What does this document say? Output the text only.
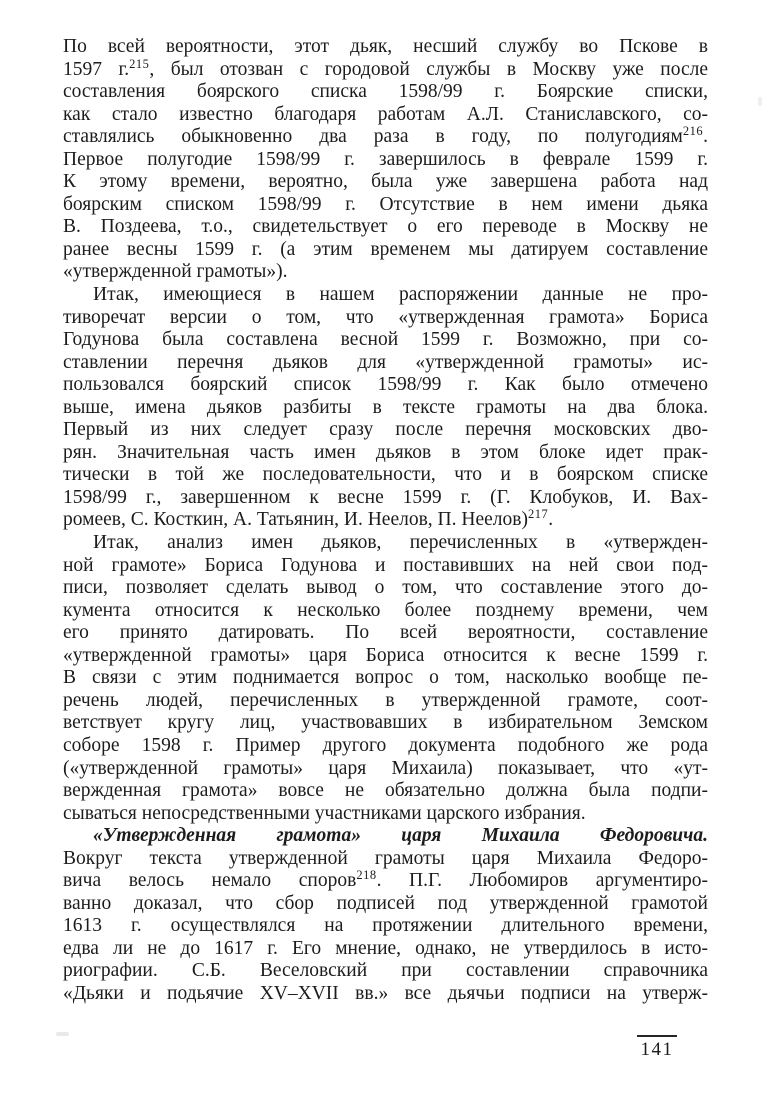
По всей вероятности, этот дьяк, несший службу во Пскове в
1597 г.215, был отозван с городовой службы в Москву уже после
составления боярского списка 1598/99 г. Боярские списки,
как стало известно благодаря работам А.Л. Станиславского, со-
ставлялись обыкновенно два раза в году, по полугодиям216.
Первое полугодие 1598/99 г. завершилось в феврале 1599 г.
К этому времени, вероятно, была уже завершена работа над
боярским списком 1598/99 г. Отсутствие в нем имени дьяка
В. Поздеева, т.о., свидетельствует о его переводе в Москву не
ранее весны 1599 г. (а этим временем мы датируем составление
«утвержденной грамоты»).
Итак, имеющиеся в нашем распоряжении данные не про-
тиворечат версии о том, что «утвержденная грамота» Бориса
Годунова была составлена весной 1599 г. Возможно, при со-
ставлении перечня дьяков для «утвержденной грамоты» ис-
пользовался боярский список 1598/99 г. Как было отмечено
выше, имена дьяков разбиты в тексте грамоты на два блока.
Первый из них следует сразу после перечня московских дво-
рян. Значительная часть имен дьяков в этом блоке идет прак-
тически в той же последовательности, что и в боярском списке
1598/99 г., завершенном к весне 1599 г. (Г. Клобуков, И. Вах-
ромеев, С. Косткин, А. Татьянин, И. Неелов, П. Неелов)217.
Итак, анализ имен дьяков, перечисленных в «утвержден-
ной грамоте» Бориса Годунова и поставивших на ней свои под-
писи, позволяет сделать вывод о том, что составление этого до-
кумента относится к несколько более позднему времени, чем
его принято датировать. По всей вероятности, составление
«утвержденной грамоты» царя Бориса относится к весне 1599 г.
В связи с этим поднимается вопрос о том, насколько вообще пе-
речень людей, перечисленных в утвержденной грамоте, соот-
ветствует кругу лиц, участвовавших в избирательном Земском
соборе 1598 г. Пример другого документа подобного же рода
(«утвержденной грамоты» царя Михаила) показывает, что «ут-
вержденная грамота» вовсе не обязательно должна была подпи-
сываться непосредственными участниками царского избрания.
«Утвержденная грамота» царя Михаила Федоровича.
Вокруг текста утвержденной грамоты царя Михаила Федоро-
вича велось немало споров218. П.Г. Любомиров аргументиро-
ванно доказал, что сбор подписей под утвержденной грамотой
1613 г. осуществлялся на протяжении длительного времени,
едва ли не до 1617 г. Его мнение, однако, не утвердилось в исто-
риографии. С.Б. Веселовский при составлении справочника
«Дьяки и подьячие XV–XVII вв.» все дьячьи подписи на утверж-
141
